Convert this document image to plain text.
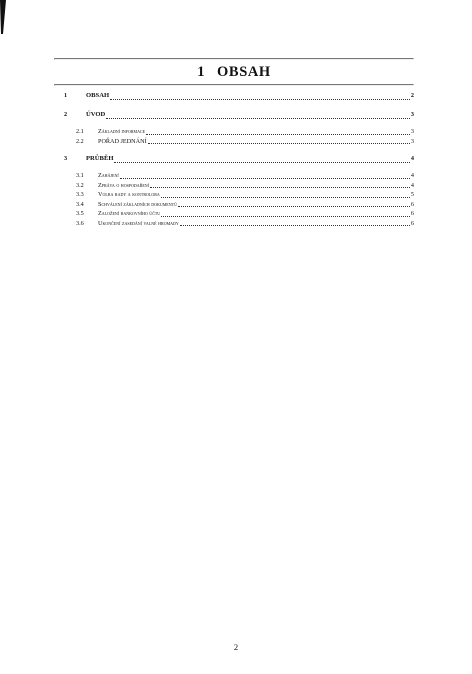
1 OBSAH
1	OBSAH	2
2	ÚVOD	3
2.1	Základní informace	3
2.2	POŘAD JEDNÁNÍ	3
3	PRŮBĚH	4
3.1	Zahájení	4
3.2	Zpráva o hospodaření	4
3.3	Volba rady a kontrolora	5
3.4	Schválení základních dokumentů	6
3.5	Založení bankovního účtu	6
3.6	Ukončení zasedání valné hromady	6
2
